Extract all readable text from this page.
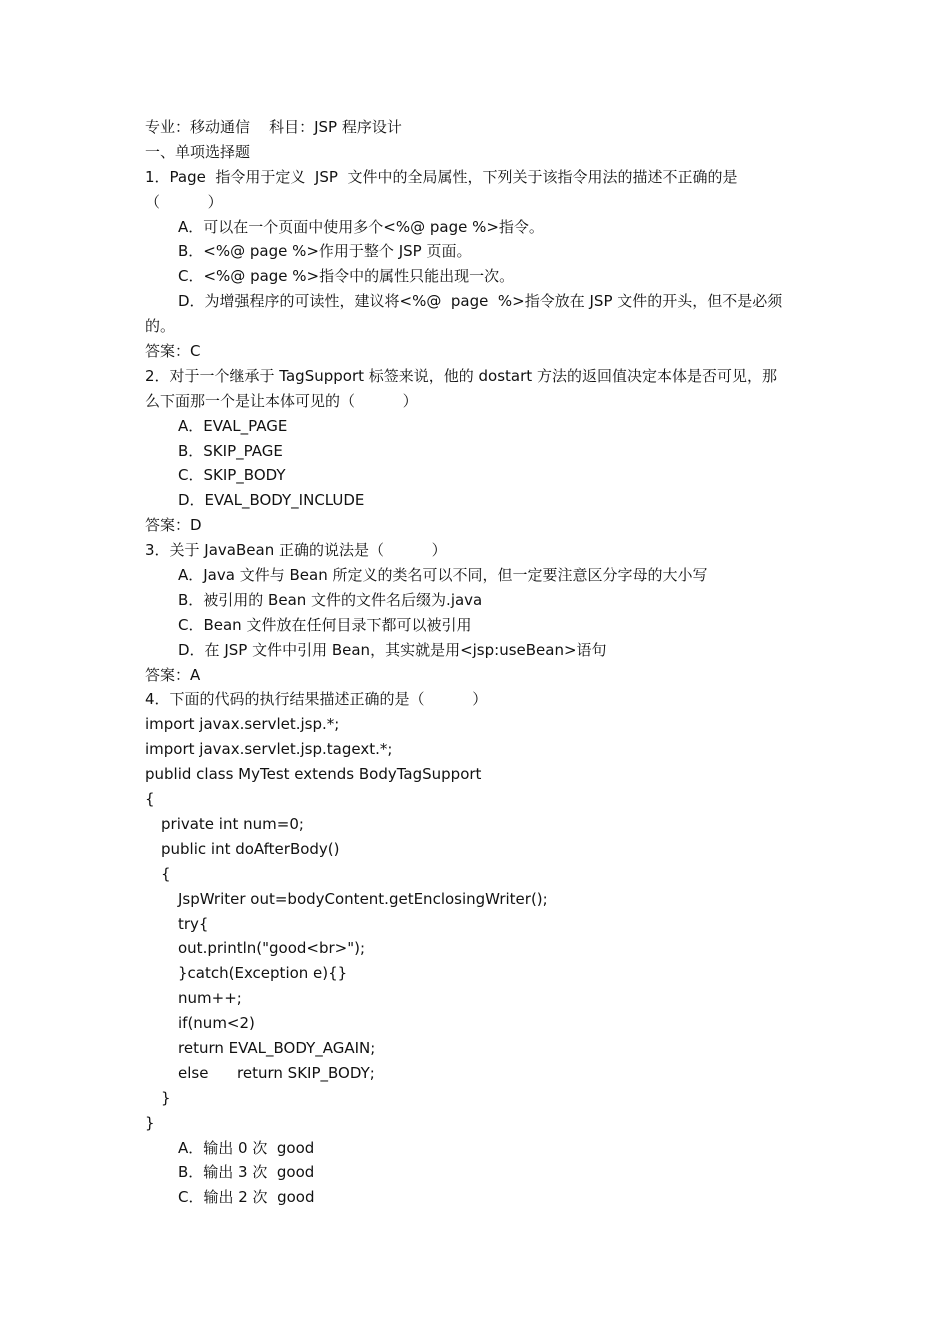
专业：移动通信    科目：JSP 程序设计
一、单项选择题
1．Page  指令用于定义  JSP  文件中的全局属性，下列关于该指令用法的描述不正确的是
（          ）
A．可以在一个页面中使用多个<%@ page %>指令。
B．<%@ page %>作用于整个 JSP 页面。
C．<%@ page %>指令中的属性只能出现一次。
D．为增强程序的可读性，建议将<%@  page  %>指令放在 JSP 文件的开头，但不是必须
的。
答案：C
2．对于一个继承于 TagSupport 标签来说，他的 dostart 方法的返回值决定本体是否可见，那
么下面那一个是让本体可见的（          ）
A．EVAL_PAGE
B．SKIP_PAGE
C．SKIP_BODY
D．EVAL_BODY_INCLUDE
答案：D
3．关于 JavaBean 正确的说法是（          ）
A．Java 文件与 Bean 所定义的类名可以不同，但一定要注意区分字母的大小写
B．被引用的 Bean 文件的文件名后缀为.java
C．Bean 文件放在任何目录下都可以被引用
D．在 JSP 文件中引用 Bean，其实就是用<jsp:useBean>语句
答案：A
4．下面的代码的执行结果描述正确的是（          ）
import javax.servlet.jsp.*;
import javax.servlet.jsp.tagext.*;
publid class MyTest extends BodyTagSupport
{
private int num=0;
public int doAfterBody()
{
JspWriter out=bodyContent.getEnclosingWriter();
try{
out.println("good<br>");
}catch(Exception e){}
num++;
if(num<2)
return EVAL_BODY_AGAIN;
else      return SKIP_BODY;
}
}
A．输出 0 次  good
B．输出 3 次  good
C．输出 2 次  good
